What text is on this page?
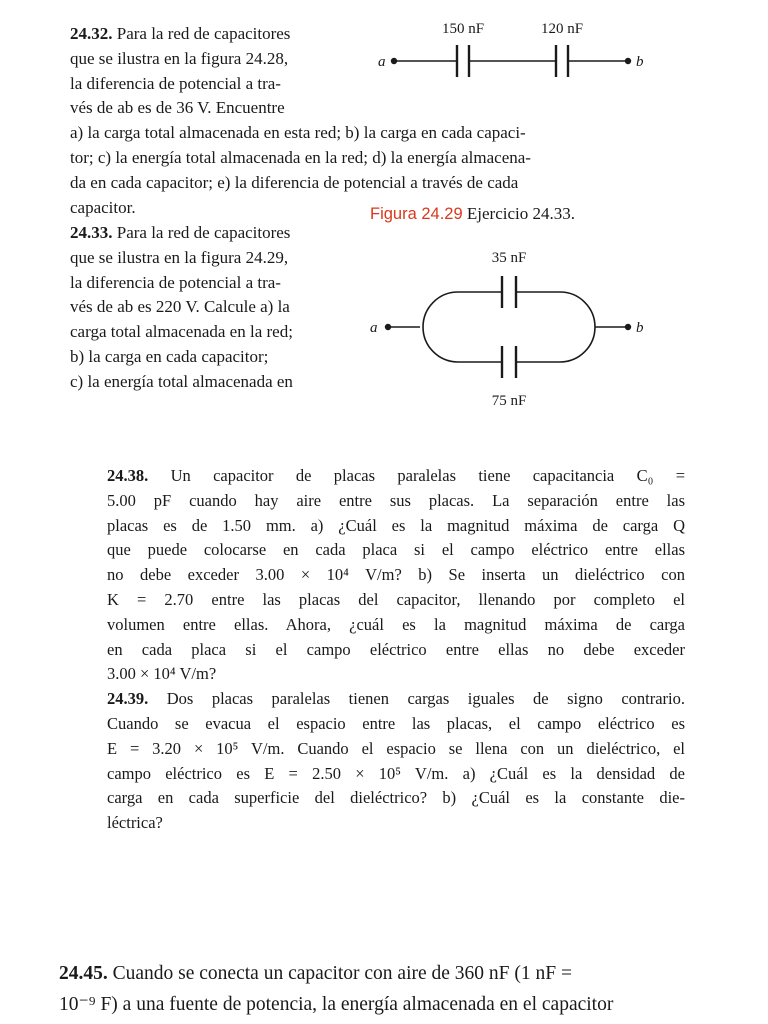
24.32. Para la red de capacitores
que se ilustra en la figura 24.28,
la diferencia de potencial a tra-
vés de ab es de 36 V. Encuentre
a) la carga total almacenada en esta red; b) la carga en cada capaci-
tor; c) la energía total almacenada en la red; d) la energía almacena-
da en cada capacitor; e) la diferencia de potencial a través de cada
capacitor.
a	b
150 nF	120 nF
Figura 24.29 Ejercicio 24.33.
24.33. Para la red de capacitores
que se ilustra en la figura 24.29,
la diferencia de potencial a tra-
vés de ab es 220 V. Calcule a) la
carga total almacenada en la red;
b) la carga en cada capacitor;
c) la energía total almacenada en
35 nF
a	b
75 nF
24.38. Un capacitor de placas paralelas tiene capacitancia C₀ =
5.00 pF cuando hay aire entre sus placas. La separación entre las
placas es de 1.50 mm. a) ¿Cuál es la magnitud máxima de carga Q
que puede colocarse en cada placa si el campo eléctrico entre ellas
no debe exceder 3.00 × 10⁴ V/m? b) Se inserta un dieléctrico con
K = 2.70 entre las placas del capacitor, llenando por completo el
volumen entre ellas. Ahora, ¿cuál es la magnitud máxima de carga
en cada placa si el campo eléctrico entre ellas no debe exceder
3.00 × 10⁴ V/m?
24.39. Dos placas paralelas tienen cargas iguales de signo contrario.
Cuando se evacua el espacio entre las placas, el campo eléctrico es
E = 3.20 × 10⁵ V/m. Cuando el espacio se llena con un dieléctrico, el
campo eléctrico es E = 2.50 × 10⁵ V/m. a) ¿Cuál es la densidad de
carga en cada superficie del dieléctrico? b) ¿Cuál es la constante die-
léctrica?
24.45. Cuando se conecta un capacitor con aire de 360 nF (1 nF =
10⁻⁹ F) a una fuente de potencia, la energía almacenada en el capacitor
